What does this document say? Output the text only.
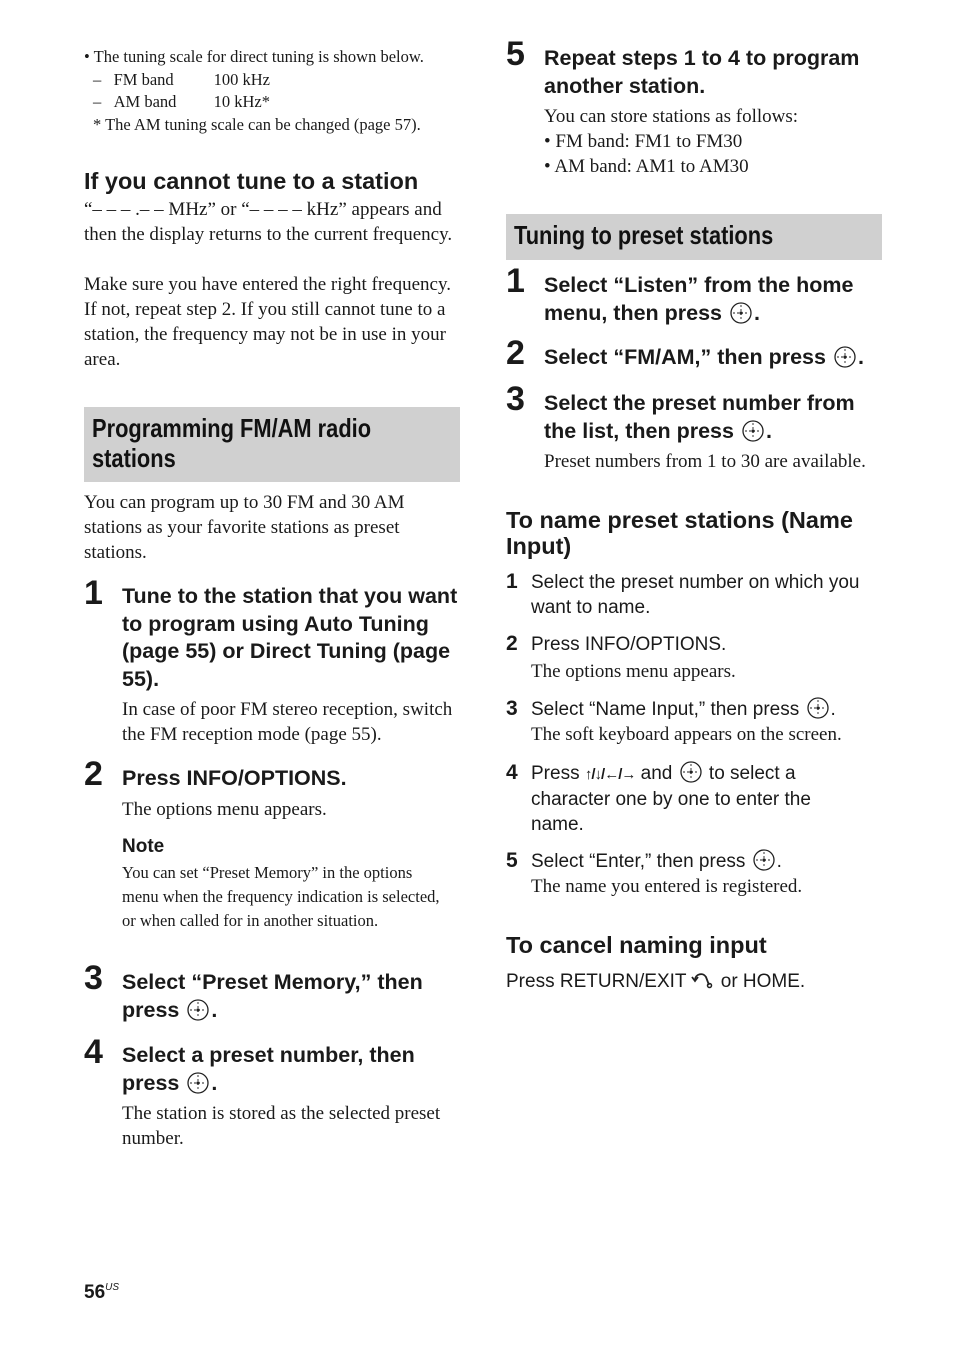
• The tuning scale for direct tuning is shown below.
–   FM band 100 kHz
–   AM band 10 kHz*
* The AM tuning scale can be changed (page 57).
If you cannot tune to a station
“– – – .– – MHz” or “– – – – kHz” appears and then the display returns to the current frequency.
Make sure you have entered the right frequency. If not, repeat step 2. If you still cannot tune to a station, the frequency may not be in use in your area.
Programming FM/AM radio
stations
You can program up to 30 FM and 30 AM stations as your favorite stations as preset stations.
1 Tune to the station that you want to program using Auto Tuning (page 55) or Direct Tuning (page 55).
In case of poor FM stereo reception, switch the FM reception mode (page 55).
2 Press INFO/OPTIONS.
The options menu appears.
Note
You can set “Preset Memory” in the options menu when the frequency indication is selected, or when called for in another situation.
3 Select “Preset Memory,” then
press .
4 Select a preset number, then
press .
The station is stored as the selected preset number.
5 Repeat steps 1 to 4 to program another station.
You can store stations as follows:
• FM band: FM1 to FM30
• AM band: AM1 to AM30
Tuning to preset stations
1 Select “Listen” from the home
menu, then press .
2 Select “FM/AM,” then press .
3 Select the preset number from
the list, then press .
Preset numbers from 1 to 30 are available.
To name preset stations (Name Input)
1 Select the preset number on which you want to name.
2 Press INFO/OPTIONS.
The options menu appears.
3 Select “Name Input,” then press .
The soft keyboard appears on the screen.
4 Press ↑/↓/←/→ and to select a character one by one to enter the name.
5 Select “Enter,” then press .
The name you entered is registered.
To cancel naming input
Press RETURN/EXIT or HOME.
$56^{US}$
